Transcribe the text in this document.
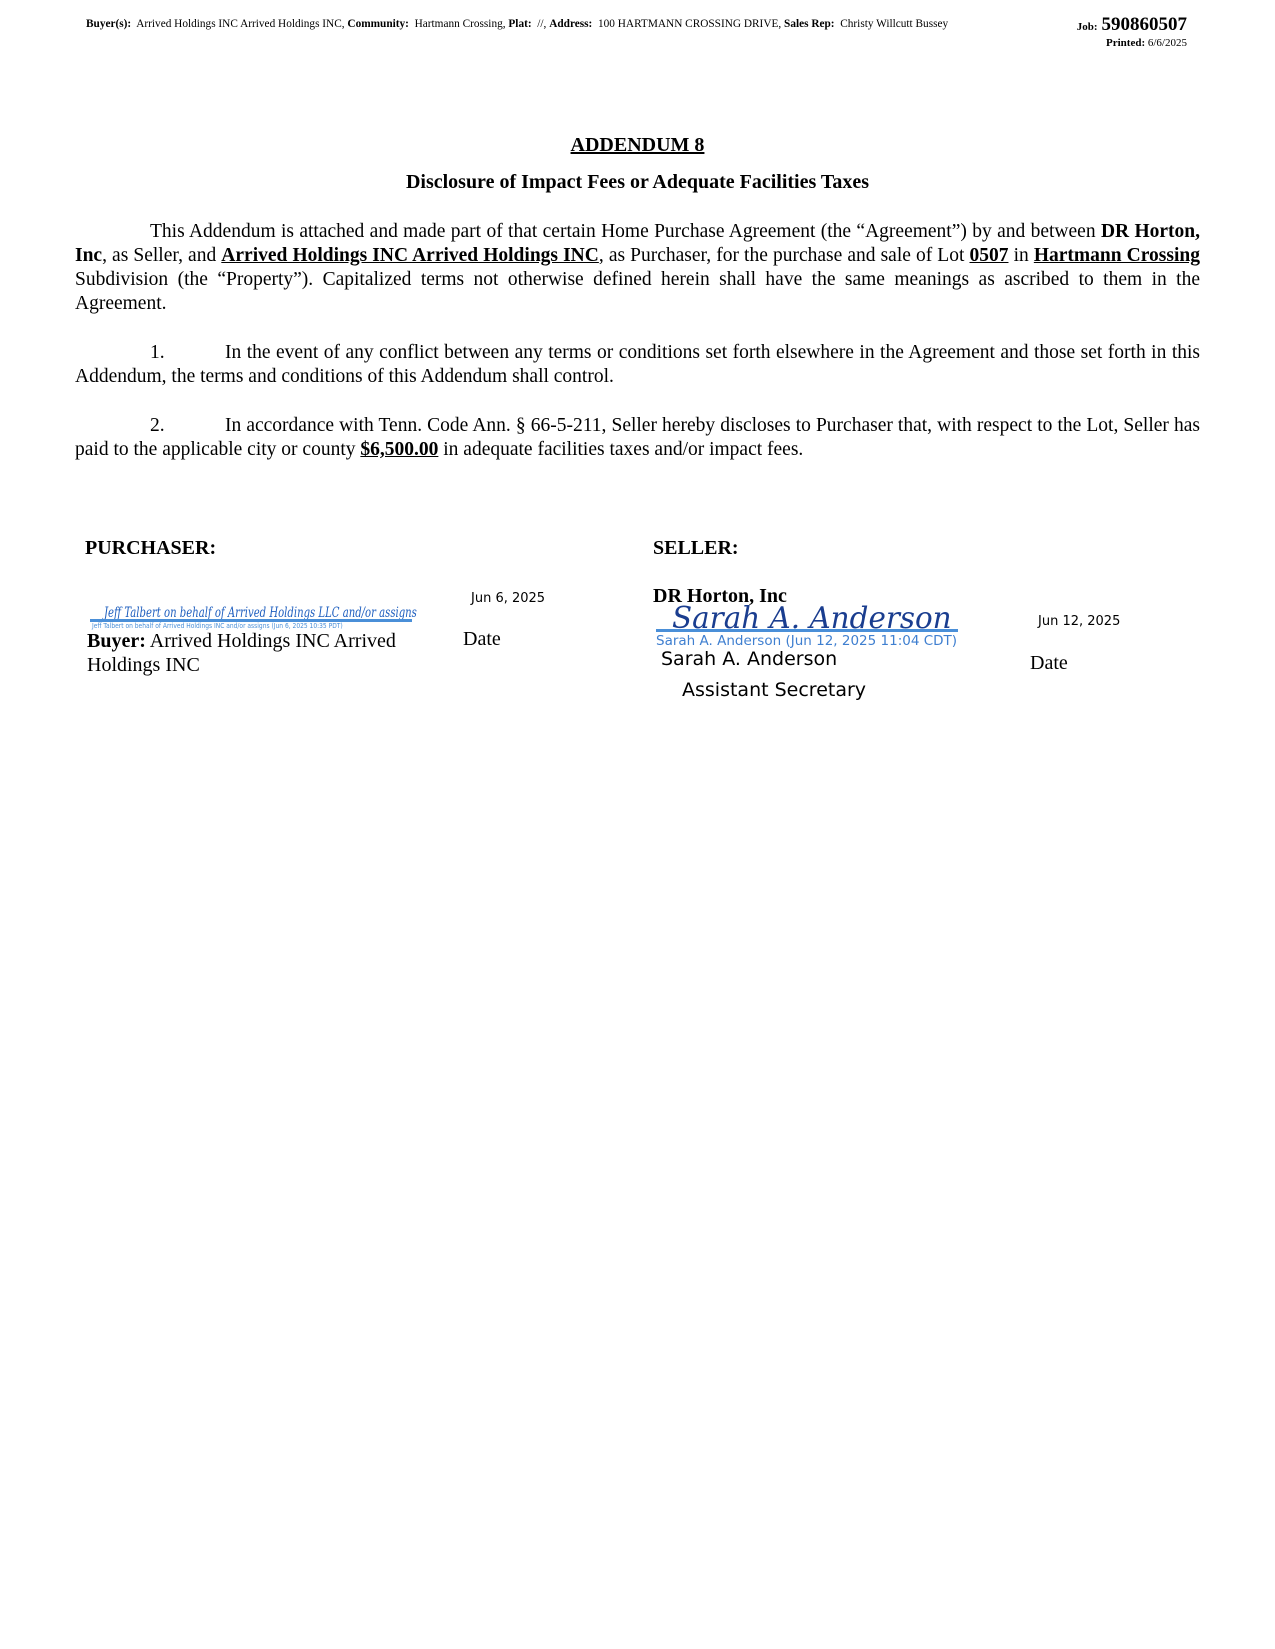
Buyer(s): Arrived Holdings INC Arrived Holdings INC, Community: Hartmann Crossing, Plat: //, Address: 100 HARTMANN CROSSING DRIVE, Sales Rep: Christy Willcutt Bussey	Job: 590860507
Printed: 6/6/2025
ADDENDUM 8
Disclosure of Impact Fees or Adequate Facilities Taxes
This Addendum is attached and made part of that certain Home Purchase Agreement (the “Agreement”) by and between DR Horton, Inc, as Seller, and Arrived Holdings INC Arrived Holdings INC, as Purchaser, for the purchase and sale of Lot 0507 in Hartmann Crossing Subdivision (the “Property”). Capitalized terms not otherwise defined herein shall have the same meanings as ascribed to them in the Agreement.
1.	In the event of any conflict between any terms or conditions set forth elsewhere in the Agreement and those set forth in this Addendum, the terms and conditions of this Addendum shall control.
2.	In accordance with Tenn. Code Ann. § 66-5-211, Seller hereby discloses to Purchaser that, with respect to the Lot, Seller has paid to the applicable city or county $6,500.00 in adequate facilities taxes and/or impact fees.
PURCHASER:
Jun 6, 2025
Jeff Talbert on behalf of Arrived Holdings LLC and/or assigns
Jeff Talbert on behalf of Arrived Holdings INC and/or assigns (Jun 6, 2025 10:35 PDT)
Buyer: Arrived Holdings INC Arrived Holdings INC
Date
SELLER:
DR Horton, Inc
Sarah A. Anderson
Sarah A. Anderson (Jun 12, 2025 11:04 CDT)
Jun 12, 2025
Sarah A. Anderson
Assistant Secretary
Date
